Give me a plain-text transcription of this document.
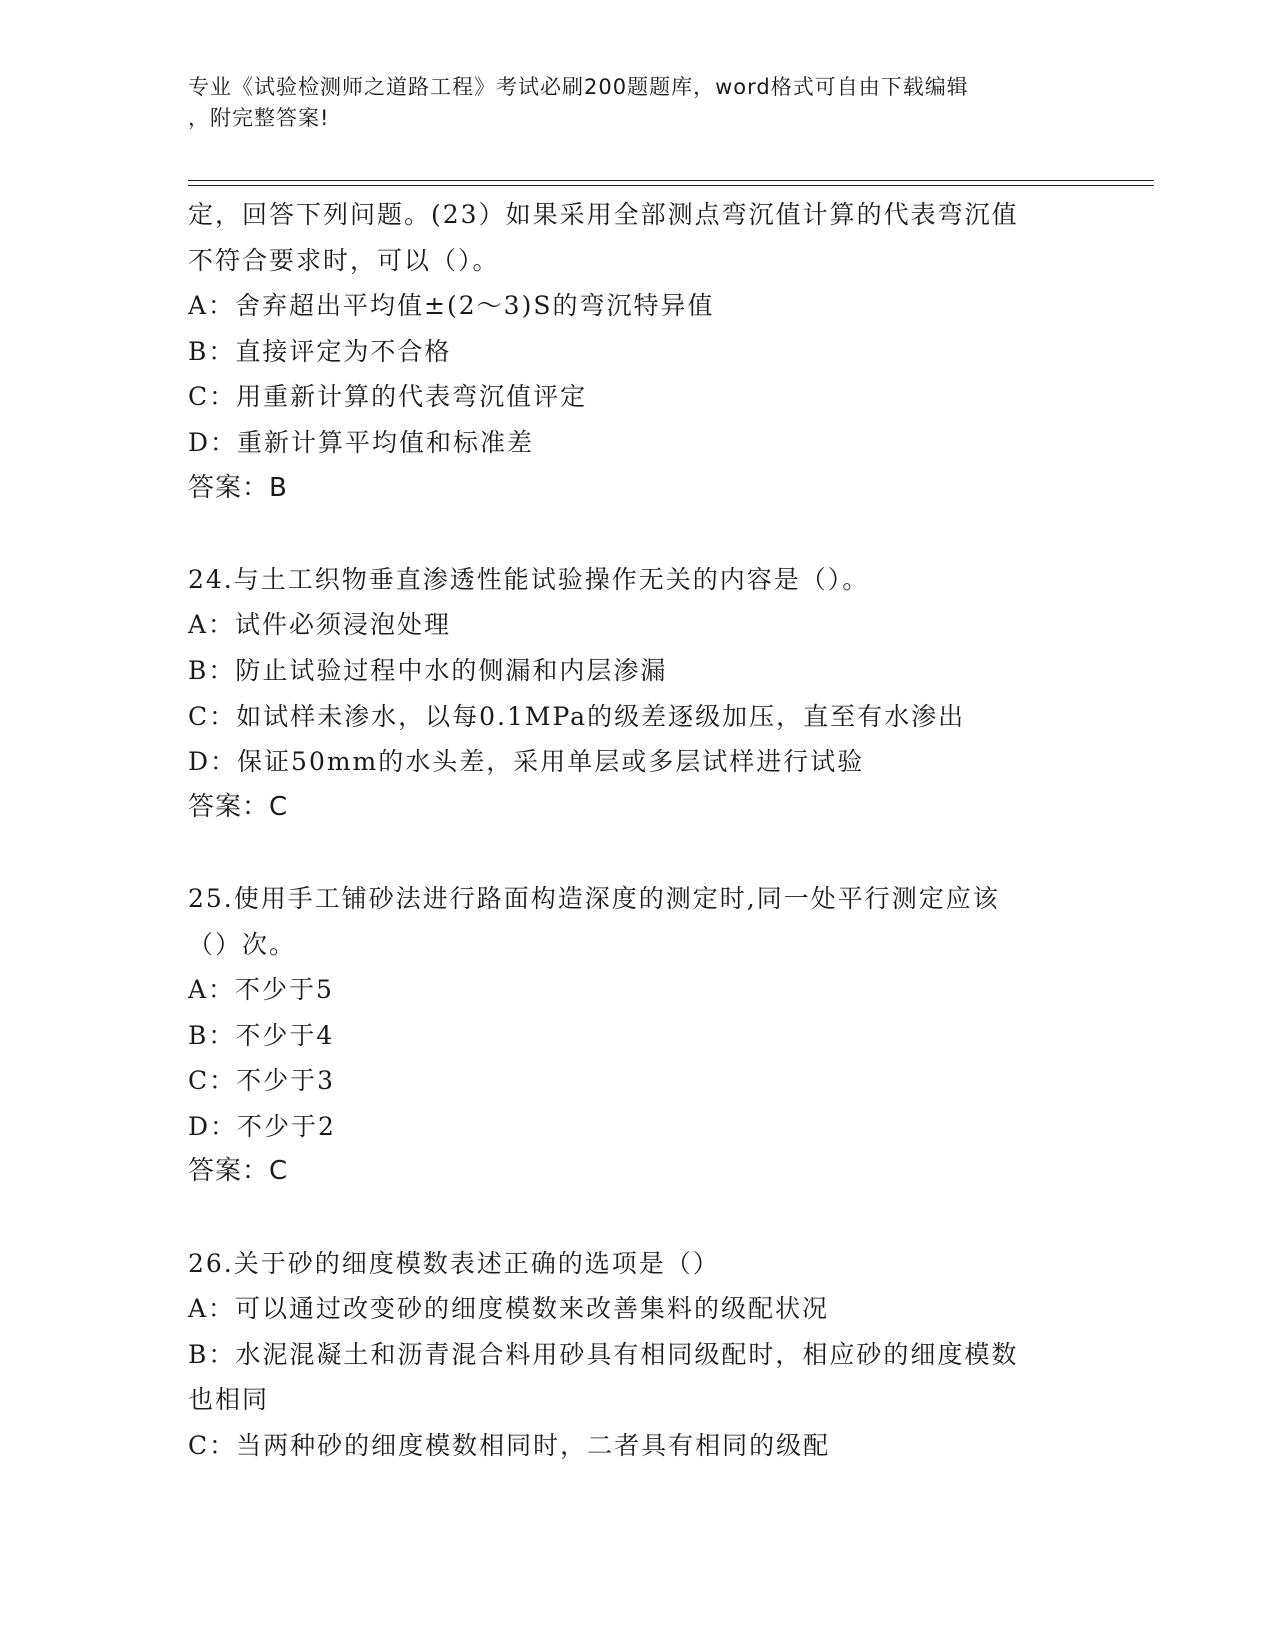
专业《试验检测师之道路工程》考试必刷200题题库，word格式可自由下载编辑
，附完整答案!
定，回答下列问题。(23）如果采用全部测点弯沉值计算的代表弯沉值
不符合要求时，可以（）。
A：舍弃超出平均值±(2～3)S的弯沉特异值
B：直接评定为不合格
C：用重新计算的代表弯沉值评定
D：重新计算平均值和标准差
答案：B
24.与土工织物垂直渗透性能试验操作无关的内容是（）。
A：试件必须浸泡处理
B：防止试验过程中水的侧漏和内层渗漏
C：如试样未渗水，以每0.1MPa的级差逐级加压，直至有水渗出
D：保证50mm的水头差，采用单层或多层试样进行试验
答案：C
25.使用手工铺砂法进行路面构造深度的测定时,同一处平行测定应该
（）次。
A：不少于5
B：不少于4
C：不少于3
D：不少于2
答案：C
26.关于砂的细度模数表述正确的选项是（）
A：可以通过改变砂的细度模数来改善集料的级配状况
B：水泥混凝土和沥青混合料用砂具有相同级配时，相应砂的细度模数
也相同
C：当两种砂的细度模数相同时，二者具有相同的级配
